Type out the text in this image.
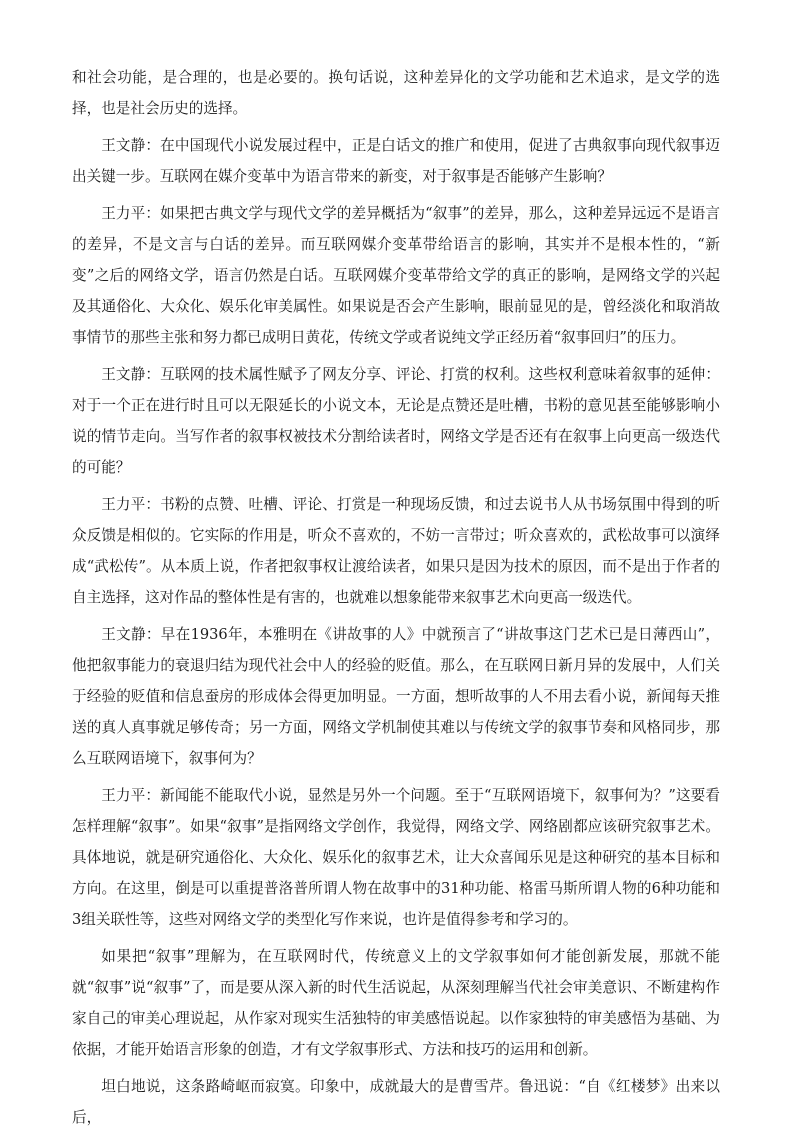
和社会功能，是合理的，也是必要的。换句话说，这种差异化的文学功能和艺术追求，是文学的选择，也是社会历史的选择。

王文静：在中国现代小说发展过程中，正是白话文的推广和使用，促进了古典叙事向现代叙事迈出关键一步。互联网在媒介变革中为语言带来的新变，对于叙事是否能够产生影响？

王力平：如果把古典文学与现代文学的差异概括为“叙事”的差异，那么，这种差异远远不是语言的差异，不是文言与白话的差异。而互联网媒介变革带给语言的影响，其实并不是根本性的，“新变”之后的网络文学，语言仍然是白话。互联网媒介变革带给文学的真正的影响，是网络文学的兴起及其通俗化、大众化、娱乐化审美属性。如果说是否会产生影响，眼前显见的是，曾经淡化和取消故事情节的那些主张和努力都已成明日黄花，传统文学或者说纯文学正经历着“叙事回归”的压力。

王文静：互联网的技术属性赋予了网友分享、评论、打赏的权利。这些权利意味着叙事的延伸：对于一个正在进行时且可以无限延长的小说文本，无论是点赞还是吐槽，书粉的意见甚至能够影响小说的情节走向。当写作者的叙事权被技术分割给读者时，网络文学是否还有在叙事上向更高一级迭代的可能？

王力平：书粉的点赞、吐槽、评论、打赏是一种现场反馈，和过去说书人从书场氛围中得到的听众反馈是相似的。它实际的作用是，听众不喜欢的，不妨一言带过；听众喜欢的，武松故事可以演绎成“武松传”。从本质上说，作者把叙事权让渡给读者，如果只是因为技术的原因，而不是出于作者的自主选择，这对作品的整体性是有害的，也就难以想象能带来叙事艺术向更高一级迭代。

王文静：早在1936年，本雅明在《讲故事的人》中就预言了“讲故事这门艺术已是日薄西山”，他把叙事能力的衰退归结为现代社会中人的经验的贬值。那么，在互联网日新月异的发展中，人们关于经验的贬值和信息蚕房的形成体会得更加明显。一方面，想听故事的人不用去看小说，新闻每天推送的真人真事就足够传奇；另一方面，网络文学机制使其难以与传统文学的叙事节奏和风格同步，那么互联网语境下，叙事何为？

王力平：新闻能不能取代小说，显然是另外一个问题。至于“互联网语境下，叙事何为？”这要看怎样理解“叙事”。如果“叙事”是指网络文学创作，我觉得，网络文学、网络剧都应该研究叙事艺术。具体地说，就是研究通俗化、大众化、娱乐化的叙事艺术，让大众喜闻乐见是这种研究的基本目标和方向。在这里，倒是可以重提普洛普所谓人物在故事中的31种功能、格雷马斯所谓人物的6种功能和3组关联性等，这些对网络文学的类型化写作来说，也许是值得参考和学习的。

如果把“叙事”理解为，在互联网时代，传统意义上的文学叙事如何才能创新发展，那就不能就“叙事”说“叙事”了，而是要从深入新的时代生活说起，从深刻理解当代社会审美意识、不断建构作家自己的审美心理说起，从作家对现实生活独特的审美感悟说起。以作家独特的审美感悟为基础、为依据，才能开始语言形象的创造，才有文学叙事形式、方法和技巧的运用和创新。

坦白地说，这条路崎岖而寂寞。印象中，成就最大的是曹雪芹。鲁迅说：“自《红楼梦》出来以后，
